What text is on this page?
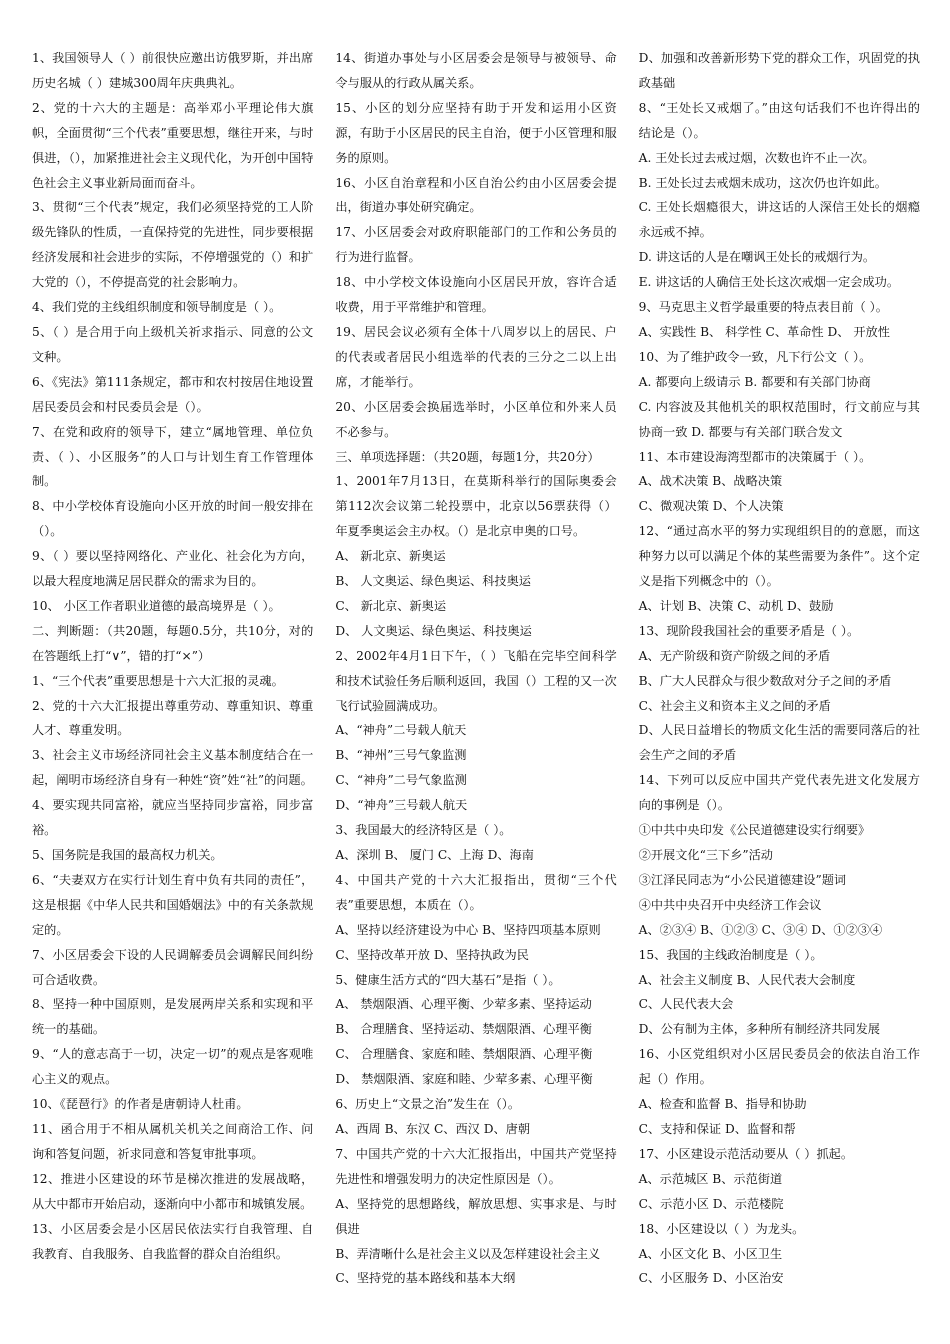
1、我国领导人（ ）前很快应邀出访俄罗斯，并出席历史名城（ ）建城300周年庆典典礼。

2、党的十六大的主题是：高举邓小平理论伟大旗帜，全面贯彻“三个代表”重要思想，继往开来，与时俱进，（），加紧推进社会主义现代化，为开创中国特色社会主义事业新局面而奋斗。

3、贯彻“三个代表”规定，我们必须坚持党的工人阶级先锋队的性质，一直保持党的先进性，同步要根据经济发展和社会进步的实际，不停增强党的（）和扩大党的（），不停提高党的社会影响力。

4、我们党的主线组织制度和领导制度是（ ）。

5、（ ）是合用于向上级机关祈求指示、同意的公文文种。

6、《宪法》第111条规定，都市和农村按居住地设置居民委员会和村民委员会是（）。

7、在党和政府的领导下，建立“属地管理、单位负责、（ ）、小区服务”的人口与计划生育工作管理体制。

8、中小学校体育设施向小区开放的时间一般安排在（）。

9、（ ）要以坚持网络化、产业化、社会化为方向，以最大程度地满足居民群众的需求为目的。

10、 小区工作者职业道德的最高境界是（ ）。

二、判断题：（共20题，每题0.5分，共10分，对的在答题纸上打“∨”，错的打“×”）

1、“三个代表”重要思想是十六大汇报的灵魂。

2、党的十六大汇报提出尊重劳动、尊重知识、尊重人才、尊重发明。

3、社会主义市场经济同社会主义基本制度结合在一起，阐明市场经济自身有一种姓“资”姓“社”的问题。

4、要实现共同富裕，就应当坚持同步富裕，同步富裕。

5、国务院是我国的最高权力机关。

6、“夫妻双方在实行计划生育中负有共同的责任”，这是根据《中华人民共和国婚姻法》中的有关条款规定的。

7、小区居委会下设的人民调解委员会调解民间纠纷可合适收费。

8、坚持一种中国原则，是发展两岸关系和实现和平统一的基础。

9、“人的意志高于一切，决定一切”的观点是客观唯心主义的观点。

10、《琵琶行》的作者是唐朝诗人杜甫。

11、函合用于不相从属机关机关之间商洽工作、问询和答复问题，祈求同意和答复审批事项。

12、推进小区建设的环节是梯次推进的发展战略，从大中都市开始启动，逐渐向中小都市和城镇发展。

13、小区居委会是小区居民依法实行自我管理、自我教育、自我服务、自我监督的群众自治组织。

14、街道办事处与小区居委会是领导与被领导、命令与服从的行政从属关系。

15、小区的划分应坚持有助于开发和运用小区资源，有助于小区居民的民主自治，便于小区管理和服务的原则。

16、小区自治章程和小区自治公约由小区居委会提出，街道办事处研究确定。

17、小区居委会对政府职能部门的工作和公务员的行为进行监督。

18、中小学校文体设施向小区居民开放，容许合适收费，用于平常维护和管理。

19、居民会议必须有全体十八周岁以上的居民、户的代表或者居民小组选举的代表的三分之二以上出席，才能举行。

20、小区居委会换届选举时，小区单位和外来人员不必参与。

三、单项选择题：（共20题，每题1分，共20分）

1、2001年7月13日，在莫斯科举行的国际奥委会第112次会议第二轮投票中，北京以56票获得（）年夏季奥运会主办权。（）是北京申奥的口号。

A、 新北京、新奥运

B、 人文奥运、绿色奥运、科技奥运

C、 新北京、新奥运

D、 人文奥运、绿色奥运、科技奥运

2、2002年4月1日下午，（ ）飞船在完毕空间科学和技术试验任务后顺利返回，我国（）工程的又一次飞行试验圆满成功。

A、“神舟”二号载人航天

B、“神州”三号气象监测

C、“神舟”二号气象监测

D、“神舟”三号载人航天

3、我国最大的经济特区是（ ）。

A、深圳 B、 厦门 C、上海 D、海南

4、中国共产党的十六大汇报指出，贯彻“三个代表”重要思想，本质在（）。

A、坚持以经济建设为中心 B、坚持四项基本原则

C、坚持改革开放 D、坚持执政为民

5、健康生活方式的“四大基石”是指（ ）。

A、 禁烟限酒、心理平衡、少荤多素、坚持运动

B、 合理膳食、坚持运动、禁烟限酒、心理平衡

C、 合理膳食、家庭和睦、禁烟限酒、心理平衡

D、 禁烟限酒、家庭和睦、少荤多素、心理平衡

6、历史上“文景之治”发生在（）。

A、西周 B、东汉 C、西汉 D、唐朝

7、中国共产党的十六大汇报指出，中国共产党坚持先进性和增强发明力的决定性原因是（）。

A、坚持党的思想路线，解放思想、实事求是、与时俱进

B、弄清晰什么是社会主义以及怎样建设社会主义

C、坚持党的基本路线和基本大纲

D、加强和改善新形势下党的群众工作，巩固党的执政基础

8、“王处长又戒烟了。”由这句话我们不也许得出的结论是（）。

A. 王处长过去戒过烟，次数也许不止一次。

B. 王处长过去戒烟未成功，这次仍也许如此。

C. 王处长烟瘾很大，讲这话的人深信王处长的烟瘾永远戒不掉。

D. 讲这话的人是在嘲讽王处长的戒烟行为。

E. 讲这话的人确信王处长这次戒烟一定会成功。

9、马克思主义哲学最重要的特点表目前（ ）。

A、实践性 B、 科学性 C、革命性 D、 开放性

10、为了维护政令一致，凡下行公文（ ）。

A. 都要向上级请示 B. 都要和有关部门协商

C. 内容波及其他机关的职权范围时，行文前应与其协商一致 D. 都要与有关部门联合发文

11、本市建设海湾型都市的决策属于（ ）。

A、战术决策 B、战略决策

C、微观决策 D、个人决策

12、“通过高水平的努力实现组织目的的意愿，而这种努力以可以满足个体的某些需要为条件”。这个定义是指下列概念中的（）。

A、计划 B、决策 C、动机 D、鼓励

13、现阶段我国社会的重要矛盾是（ ）。

A、无产阶级和资产阶级之间的矛盾

B、广大人民群众与很少数敌对分子之间的矛盾

C、社会主义和资本主义之间的矛盾

D、人民日益增长的物质文化生活的需要同落后的社会生产之间的矛盾

14、下列可以反应中国共产党代表先进文化发展方向的事例是（）。

①中共中央印发《公民道德建设实行纲要》

②开展文化“三下乡”活动

③江泽民同志为“小公民道德建设”题词

④中共中央召开中央经济工作会议

A、②③④ B、①②③ C、③④ D、①②③④

15、我国的主线政治制度是（ ）。

A、社会主义制度 B、人民代表大会制度

C、人民代表大会

D、公有制为主体，多种所有制经济共同发展

16、小区党组织对小区居民委员会的依法自治工作起（）作用。

A、检查和监督 B、指导和协助

C、支持和保证 D、监督和帮

17、小区建设示范活动要从（ ）抓起。

A、示范城区 B、示范街道

C、示范小区 D、示范楼院

18、小区建设以（ ）为龙头。

A、小区文化 B、小区卫生

C、小区服务 D、小区治安
